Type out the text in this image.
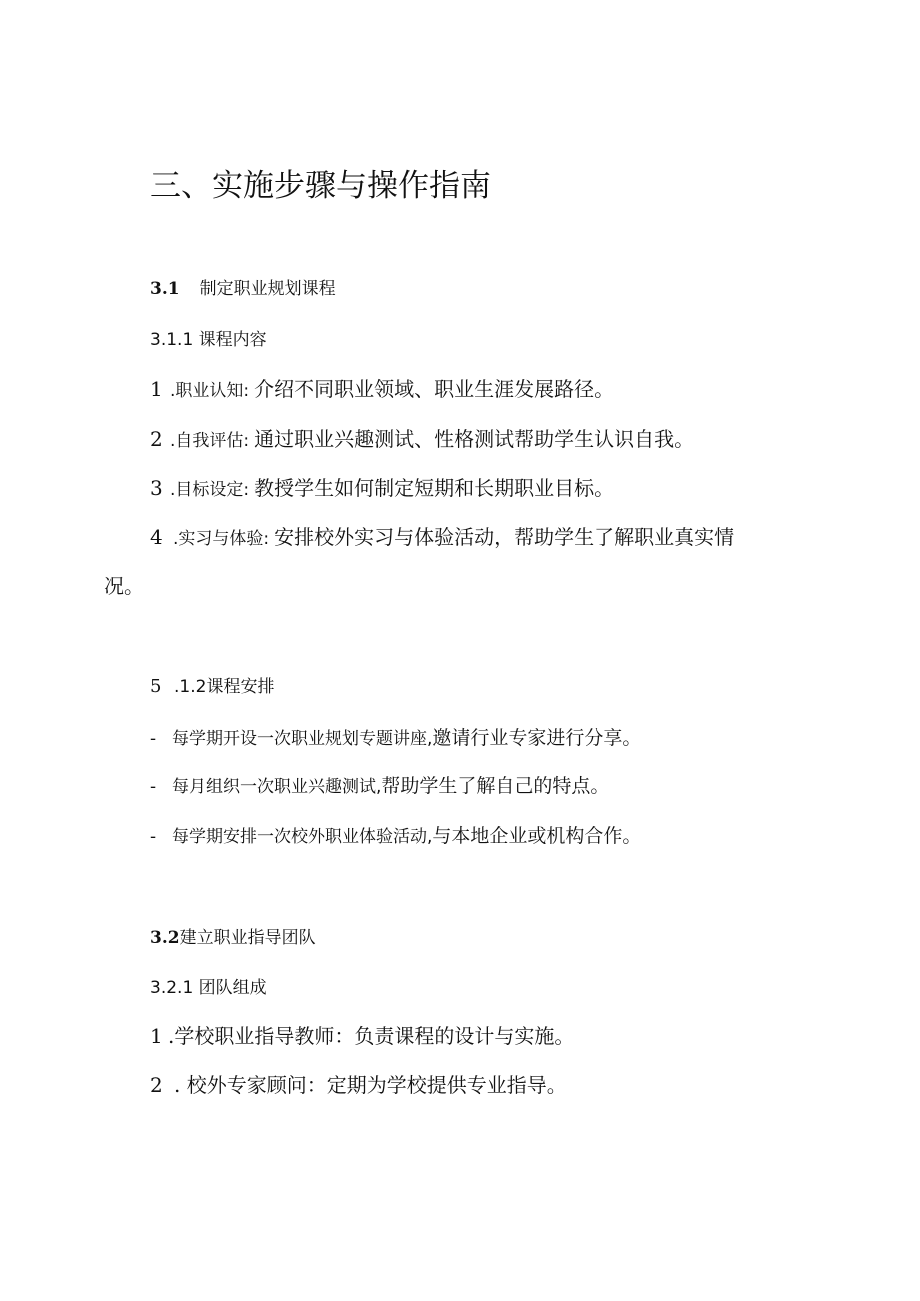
三、实施步骤与操作指南
3.1 制定职业规划课程
3.1.1 课程内容
1 .职业认知: 介绍不同职业领域、职业生涯发展路径。
2 .自我评估: 通过职业兴趣测试、性格测试帮助学生认识自我。
3 .目标设定: 教授学生如何制定短期和长期职业目标。
4 .实习与体验: 安排校外实习与体验活动，帮助学生了解职业真实情
况。
5 .1.2课程安排
- 每学期开设一次职业规划专题讲座,邀请行业专家进行分享。
- 每月组织一次职业兴趣测试,帮助学生了解自己的特点。
- 每学期安排一次校外职业体验活动,与本地企业或机构合作。
3.2建立职业指导团队
3.2.1 团队组成
1 .学校职业指导教师：负责课程的设计与实施。
2 . 校外专家顾问：定期为学校提供专业指导。
